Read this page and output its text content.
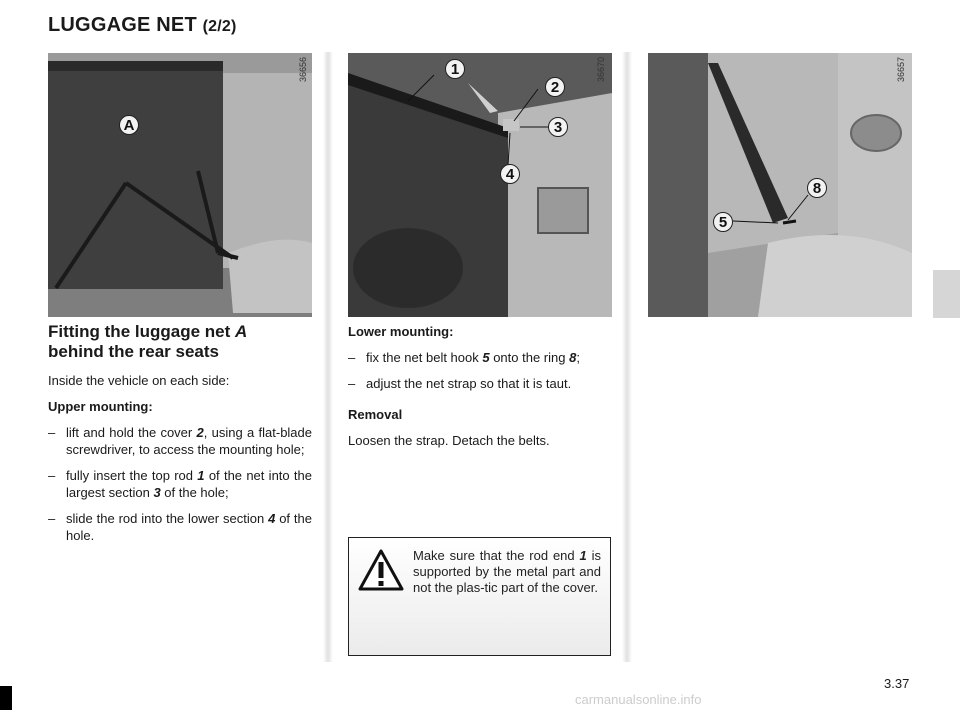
LUGGAGE NET (2/2)
36656
A
36670
1
2
3
4
36657
8
5
Fitting the luggage net A
behind the rear seats

Inside the vehicle on each side:

Upper mounting:

– lift and hold the cover 2, using a flat-blade screwdriver, to access the mounting hole;
– fully insert the top rod 1 of the net into the largest section 3 of the hole;
– slide the rod into the lower section 4 of the hole.

Lower mounting:

– fix the net belt hook 5 onto the ring 8;
– adjust the net strap so that it is taut.

Removal

Loosen the strap. Detach the belts.

Make sure that the rod end 1 is supported by the metal part and not the plas-tic part of the cover.
3.37
carmanualsonline.info
